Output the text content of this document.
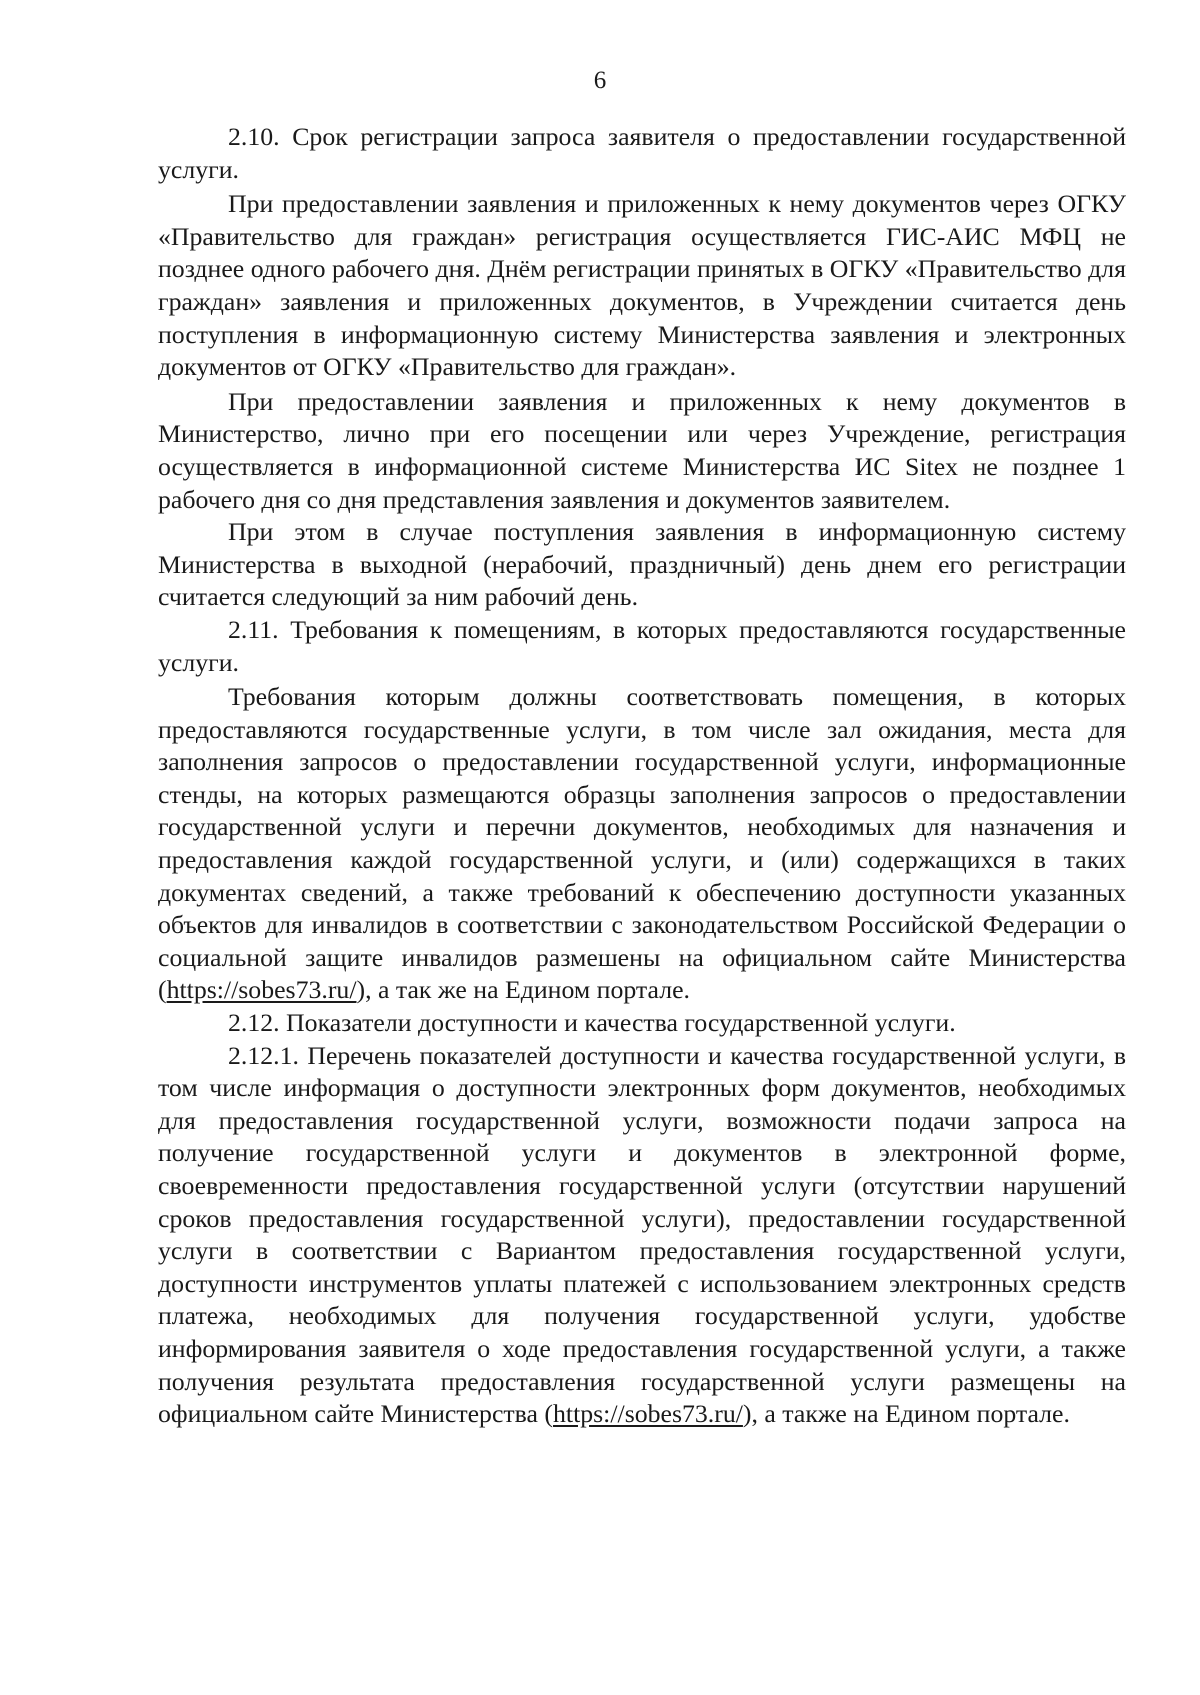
6

2.10. Срок регистрации запроса заявителя о предоставлении государственной услуги.

При предоставлении заявления и приложенных к нему документов через ОГКУ «Правительство для граждан» регистрация осуществляется ГИС-АИС МФЦ не позднее одного рабочего дня. Днём регистрации принятых в ОГКУ «Правительство для граждан» заявления и приложенных документов, в Учреждении считается день поступления в информационную систему Министерства заявления и электронных документов от ОГКУ «Правительство для граждан».

При предоставлении заявления и приложенных к нему документов в Министерство, лично при его посещении или через Учреждение, регистрация осуществляется в информационной системе Министерства ИС Sitex не позднее 1 рабочего дня со дня представления заявления и документов заявителем.

При этом в случае поступления заявления в информационную систему Министерства в выходной (нерабочий, праздничный) день днем его регистрации считается следующий за ним рабочий день.

2.11. Требования к помещениям, в которых предоставляются государственные услуги.

Требования которым должны соответствовать помещения, в которых предоставляются государственные услуги, в том числе зал ожидания, места для заполнения запросов о предоставлении государственной услуги, информационные стенды, на которых размещаются образцы заполнения запросов о предоставлении государственной услуги и перечни документов, необходимых для назначения и предоставления каждой государственной услуги, и (или) содержащихся в таких документах сведений, а также требований к обеспечению доступности указанных объектов для инвалидов в соответствии с законодательством Российской Федерации о социальной защите инвалидов размешены на официальном сайте Министерства (https://sobes73.ru/), а так же на Едином портале.

2.12. Показатели доступности и качества государственной услуги.

2.12.1. Перечень показателей доступности и качества государственной услуги, в том числе информация о доступности электронных форм документов, необходимых для предоставления государственной услуги, возможности подачи запроса на получение государственной услуги и документов в электронной форме, своевременности предоставления государственной услуги (отсутствии нарушений сроков предоставления государственной услуги), предоставлении государственной услуги в соответствии с Вариантом предоставления государственной услуги, доступности инструментов уплаты платежей с использованием электронных средств платежа, необходимых для получения государственной услуги, удобстве информирования заявителя о ходе предоставления государственной услуги, а также получения результата предоставления государственной услуги размещены на официальном сайте Министерства (https://sobes73.ru/), а также на Едином портале.
